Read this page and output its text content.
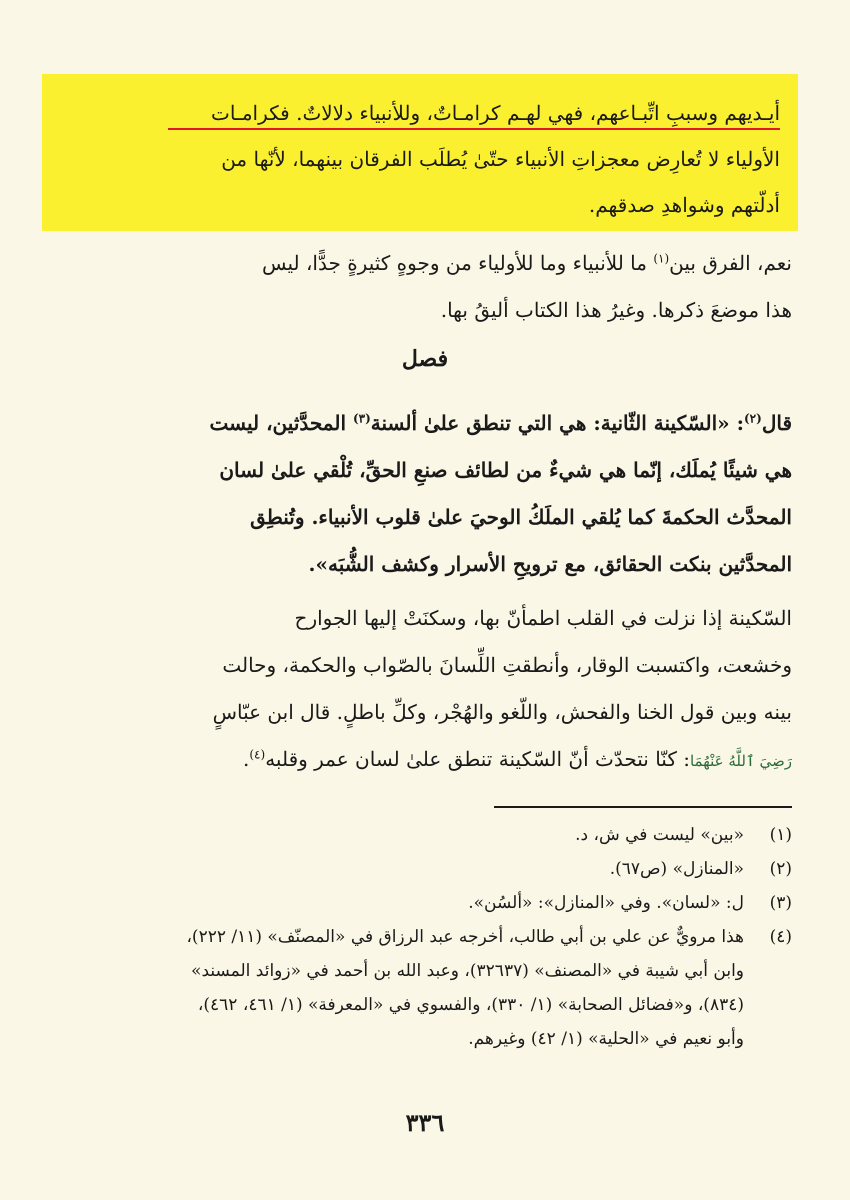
أيـديهم وسببِ اتِّبـاعهم، فهي لهـم كرامـاتٌ، وللأنبياء دلالاتٌ. فكرامـات
الأولياء لا تُعارِض معجزاتِ الأنبياء حتّىٰ يُطلَب الفرقان بينهما، لأنّها من
أدلّتهم وشواهدِ صدقهم.
نعم، الفرق بين$^{(١)}$ ما للأنبياء وما للأولياء من وجوهٍ كثيرةٍ جدًّا، ليس
هذا موضعَ ذكرها. وغيرُ هذا الكتاب أليقُ بها.
فصل
قال$^{(٢)}$: «السّكينة الثّانية: هي التي تنطق علىٰ ألسنة$^{(٣)}$ المحدَّثين، ليست
هي شيئًا يُملَك، إنّما هي شيءٌ من لطائف صنعِ الحقِّ، تُلْقي علىٰ لسان
المحدَّث الحكمةَ كما يُلقي الملَكُ الوحيَ علىٰ قلوب الأنبياء. وتُنطِق
المحدَّثين بنكت الحقائق، مع ترويحِ الأسرار وكشف الشُّبَه».
السّكينة إذا نزلت في القلب اطمأنّ بها، وسكنَتْ إليها الجوارح
وخشعت، واكتسبت الوقار، وأنطقتِ اللِّسانَ بالصّواب والحكمة، وحالت
بينه وبين قول الخنا والفحش، واللّغو والهُجْر، وكلِّ باطلٍ. قال ابن عبّاسٍ
رَضِيَ ٱللَّهُ عَنْهُمَا: كنّا نتحدّث أنّ السّكينة تنطق علىٰ لسان عمر وقلبه$^{(٤)}$.
(١)
«بين» ليست في ش، د.
(٢)
«المنازل» (ص٦٧).
(٣)
ل: «لسان». وفي «المنازل»: «ألسُن».
(٤)
هذا مرويٌّ عن علي بن أبي طالب، أخرجه عبد الرزاق في «المصنّف» (١١/ ٢٢٢)،
وابن أبي شيبة في «المصنف» (٣٢٦٣٧)، وعبد الله بن أحمد في «زوائد المسند»
(٨٣٤)، و«فضائل الصحابة» (١/ ٣٣٠)، والفسوي في «المعرفة» (١/ ٤٦١، ٤٦٢)،
وأبو نعيم في «الحلية» (١/ ٤٢) وغيرهم.
٣٣٦
